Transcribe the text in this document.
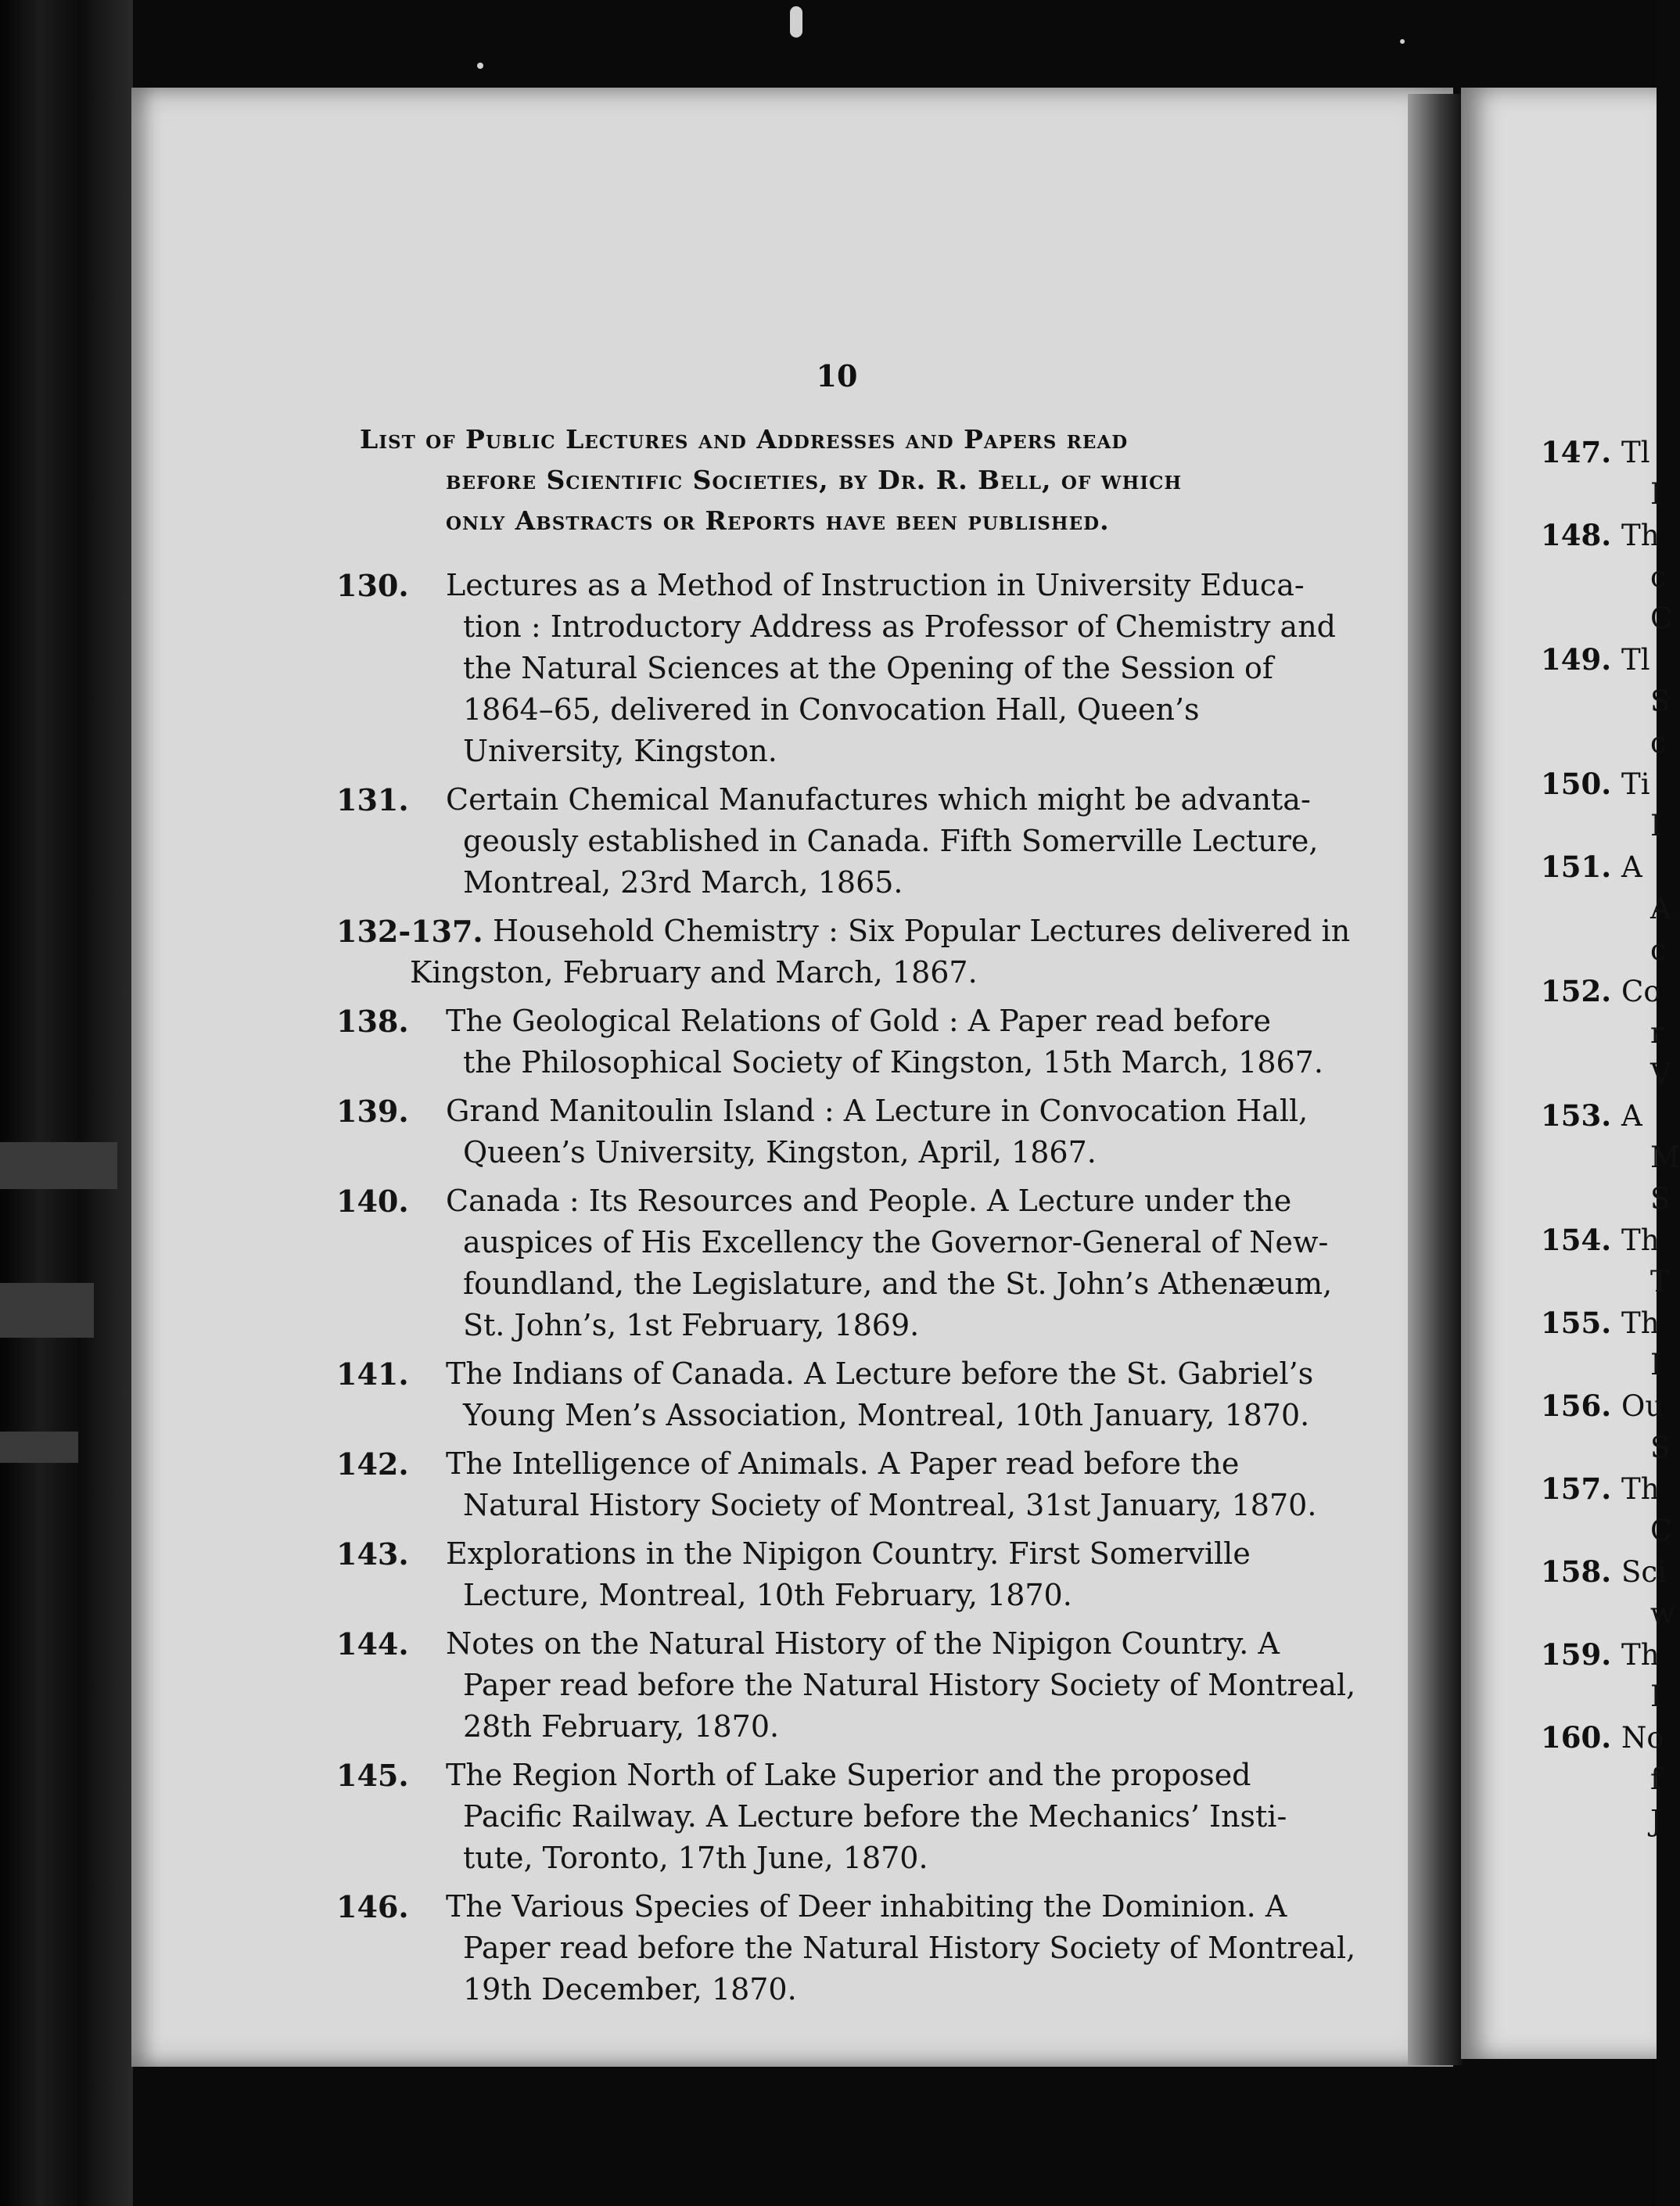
10
List of Public Lectures and Addresses and Papers read
before Scientific Societies, by Dr. R. Bell, of which
only Abstracts or Reports have been published.
130. Lectures as a Method of Instruction in University Educa-
tion : Introductory Address as Professor of Chemistry and
the Natural Sciences at the Opening of the Session of
1864–65, delivered in Convocation Hall, Queen’s
University, Kingston.
131. Certain Chemical Manufactures which might be advanta-
geously established in Canada. Fifth Somerville Lecture,
Montreal, 23rd March, 1865.
132-137. Household Chemistry : Six Popular Lectures delivered in
Kingston, February and March, 1867.
138. The Geological Relations of Gold : A Paper read before
the Philosophical Society of Kingston, 15th March, 1867.
139. Grand Manitoulin Island : A Lecture in Convocation Hall,
Queen’s University, Kingston, April, 1867.
140. Canada : Its Resources and People. A Lecture under the
auspices of His Excellency the Governor-General of New-
foundland, the Legislature, and the St. John’s Athenæum,
St. John’s, 1st February, 1869.
141. The Indians of Canada. A Lecture before the St. Gabriel’s
Young Men’s Association, Montreal, 10th January, 1870.
142. The Intelligence of Animals. A Paper read before the
Natural History Society of Montreal, 31st January, 1870.
143. Explorations in the Nipigon Country. First Somerville
Lecture, Montreal, 10th February, 1870.
144. Notes on the Natural History of the Nipigon Country. A
Paper read before the Natural History Society of Montreal,
28th February, 1870.
145. The Region North of Lake Superior and the proposed
Pacific Railway. A Lecture before the Mechanics’ Insti-
tute, Toronto, 17th June, 1870.
146. The Various Species of Deer inhabiting the Dominion. A
Paper read before the Natural History Society of Montreal,
19th December, 1870.
147. Tl
I
148. Th
c
C
149. Tl
S
c
150. Ti
I
151. A
A
c
152. Co
r
V
153. A
M
S
154. Th
T
155. Th
I
156. Ou
S
157. Th
C
158. Sci
w
159. Th
I
160. No
f
J
